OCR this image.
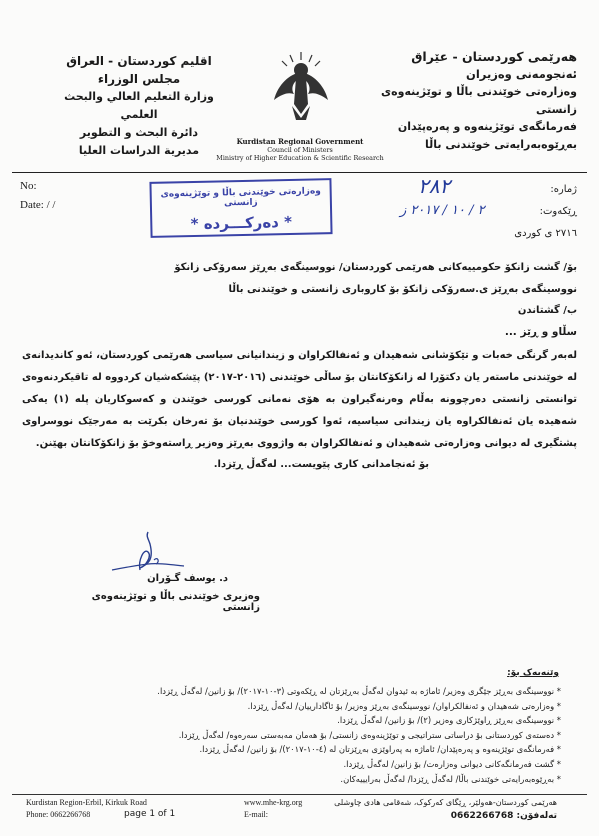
هەرێمی کوردستان - عێراق
ئەنجومەنی وەزیران
وەزارەتی خوێندنی باڵا و توێژینەوەی زانستی
فەرمانگەی توێژینەوە و پەرەپێدان
بەڕێوەبەرایەتی خوێندنی باڵا
اقليم كوردستان - العراق
مجلس الوزراء
وزارة التعليم العالي والبحث العلمي
دائرة البحث و التطوير
مديرية الدراسات العليا
Kurdistan Regional Government
Council of Ministers
Ministry of Higher Education & Scientific Research
No:
Date: / /
وەزارەتی خوێندنی باڵا و توێژینەوەی زانستی
* دەرکـــرده *
ژمارە:
٢٨٢
ڕێکەوت:
٢ / ١٠ / ٢٠١٧ ز
٢٧١٦ ی کوردی
بۆ/ گشت زانکۆ حکومییەکانی هەرێمی کوردستان/ نووسینگەی بەڕێز سەرۆکی زانکۆ
نووسینگەی بەڕێز ی.سەرۆکی زانکۆ بۆ کاروباری زانستی و خوێندنی باڵا
ب/ گشتاندن
سڵاو و ڕێز ...
لەبەر گرنگی خەبات و تێکۆشانی شەهیدان و ئەنفالکراوان و زیندانیانی سیاسی هەرێمی کوردستان، ئەو کاندیدانەی لە خوێندنی ماستەر یان دکتۆرا لە زانکۆکانتان بۆ ساڵی خوێندنی (٢٠١٦-٢٠١٧) پێشکەشیان کردووە لە تاقیکردنەوەی توانستی زانستی دەرچوونە بەڵام وەرنەگیراون بە هۆی نەمانی کورسی خوێندن و کەسوکاریان پلە (١) یەکی شەهیدە یان ئەنفالکراوە یان زیندانی سیاسیە، ئەوا کورسی خوێندنیان بۆ تەرخان بکرێت بە مەرجێک نووسراوی پشتگیری لە دیوانی وەزارەتی شەهیدان و ئەنفالکراوان بە واژووی بەڕێز وەزیر ڕاستەوخۆ بۆ زانکۆکانتان بهێنن.
بۆ ئەنجامدانی کاری پێویست... لەگەڵ ڕێزدا.
د. یوسف گـۆران
وەزیری خوێندنی باڵا و توێژینەوەی زانستی
وێنەیەک بۆ:
* نووسینگەی بەڕێز جێگری وەزیر/ ئاماژە بە ئیدوان لەگەڵ بەڕێزتان لە ڕێکەوتی (٣-١٠-٢٠١٧)/ بۆ زانین/ لەگەڵ ڕێزدا.
* وەزارەتی شەهیدان و ئەنفالکراوان/ نووسینگەی بەڕێز وەزیر/ بۆ ئاگادارییان/ لەگەڵ ڕێزدا.
* نووسینگەی بەڕێز ڕاوێژکاری وەزیر (٢)/ بۆ زانین/ لەگەڵ ڕێزدا.
* دەستەی کوردستانی بۆ دراساتی ستراتیجی و توێژینەوەی زانستی/ بۆ هەمان مەبەستی سەرەوە/ لەگەڵ ڕێزدا.
* فەرمانگەی توێژینەوە و پەرەپێدان/ ئاماژە بە پەراوێزی بەڕێزتان لە (٤-١٠-٢٠١٧)/ بۆ زانین/ لەگەڵ ڕێزدا.
* گشت فەرمانگەکانی دیوانی وەزارەت/ بۆ زانین/ لەگەڵ ڕێزدا.
* بەڕێوەبەرایەتی خوێندنی باڵا/ لەگەڵ ڕێزدا/ لەگەڵ بەرایییەکان.
Kurdistan Region-Erbil, Kirkuk Road
Phone: 0662266768	page 1 of 1
www.mhe-krg.org
E-mail:
هەرێمی کوردستان-هەولێر، ڕێگای کەرکوک، شەقامی هادی چاوشلی
تەلەفۆن: 0662266768
